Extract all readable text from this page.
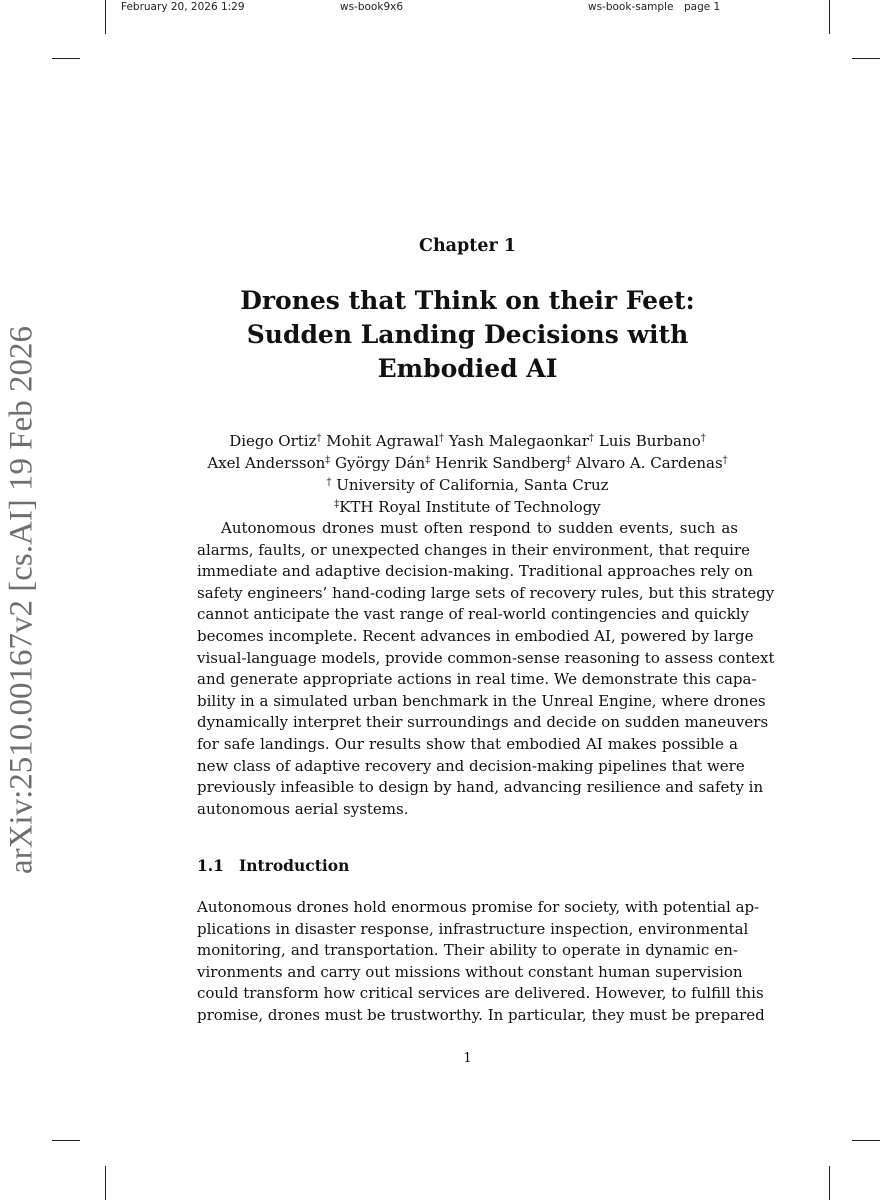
February 20, 2026 1:29	ws-book9x6	ws-book-sample page 1
arXiv:2510.00167v2 [cs.AI] 19 Feb 2026
Chapter 1
Drones that Think on their Feet:
Sudden Landing Decisions with
Embodied AI
Diego Ortiz† Mohit Agrawal† Yash Malegaonkar† Luis Burbano†
Axel Andersson‡ György Dán‡ Henrik Sandberg‡ Alvaro A. Cardenas†
† University of California, Santa Cruz
‡KTH Royal Institute of Technology
Autonomous drones must often respond to sudden events, such as
alarms, faults, or unexpected changes in their environment, that require
immediate and adaptive decision-making. Traditional approaches rely on
safety engineers’ hand-coding large sets of recovery rules, but this strategy
cannot anticipate the vast range of real-world contingencies and quickly
becomes incomplete. Recent advances in embodied AI, powered by large
visual-language models, provide common-sense reasoning to assess context
and generate appropriate actions in real time. We demonstrate this capa-
bility in a simulated urban benchmark in the Unreal Engine, where drones
dynamically interpret their surroundings and decide on sudden maneuvers
for safe landings. Our results show that embodied AI makes possible a
new class of adaptive recovery and decision-making pipelines that were
previously infeasible to design by hand, advancing resilience and safety in
autonomous aerial systems.
1.1 Introduction
Autonomous drones hold enormous promise for society, with potential ap-
plications in disaster response, infrastructure inspection, environmental
monitoring, and transportation. Their ability to operate in dynamic en-
vironments and carry out missions without constant human supervision
could transform how critical services are delivered. However, to fulfill this
promise, drones must be trustworthy. In particular, they must be prepared
1
